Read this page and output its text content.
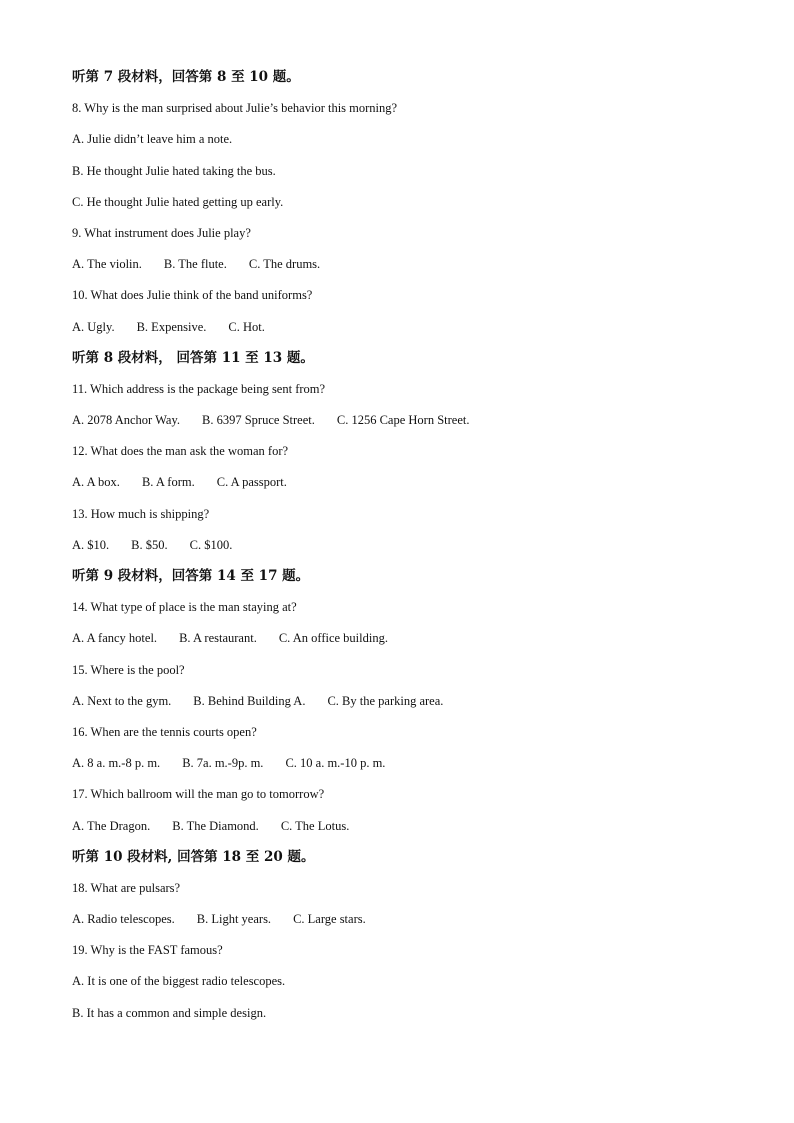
听第 7 段材料，回答第 8 至 10 题。
8. Why is the man surprised about Julie’s behavior this morning?
A. Julie didn’t leave him a note.
B. He thought Julie hated taking the bus.
C. He thought Julie hated getting up early.
9. What instrument does Julie play?
A. The violin. B. The flute. C. The drums.
10. What does Julie think of the band uniforms?
A. Ugly. B. Expensive. C. Hot.
听第 8 段材料， 回答第 11 至 13 题。
11. Which address is the package being sent from?
A. 2078 Anchor Way. B. 6397 Spruce Street. C. 1256 Cape Horn Street.
12. What does the man ask the woman for?
A. A box. B. A form. C. A passport.
13. How much is shipping?
A. $10. B. $50. C. $100.
听第 9 段材料，回答第 14 至 17 题。
14. What type of place is the man staying at?
A. A fancy hotel. B. A restaurant. C. An office building.
15. Where is the pool?
A. Next to the gym. B. Behind Building A. C. By the parking area.
16. When are the tennis courts open?
A. 8 a. m.-8 p. m. B. 7a. m.-9p. m. C. 10 a. m.-10 p. m.
17. Which ballroom will the man go to tomorrow?
A. The Dragon. B. The Diamond. C. The Lotus.
听第 10 段材料, 回答第 18 至 20 题。
18. What are pulsars?
A. Radio telescopes. B. Light years. C. Large stars.
19. Why is the FAST famous?
A. It is one of the biggest radio telescopes.
B. It has a common and simple design.
